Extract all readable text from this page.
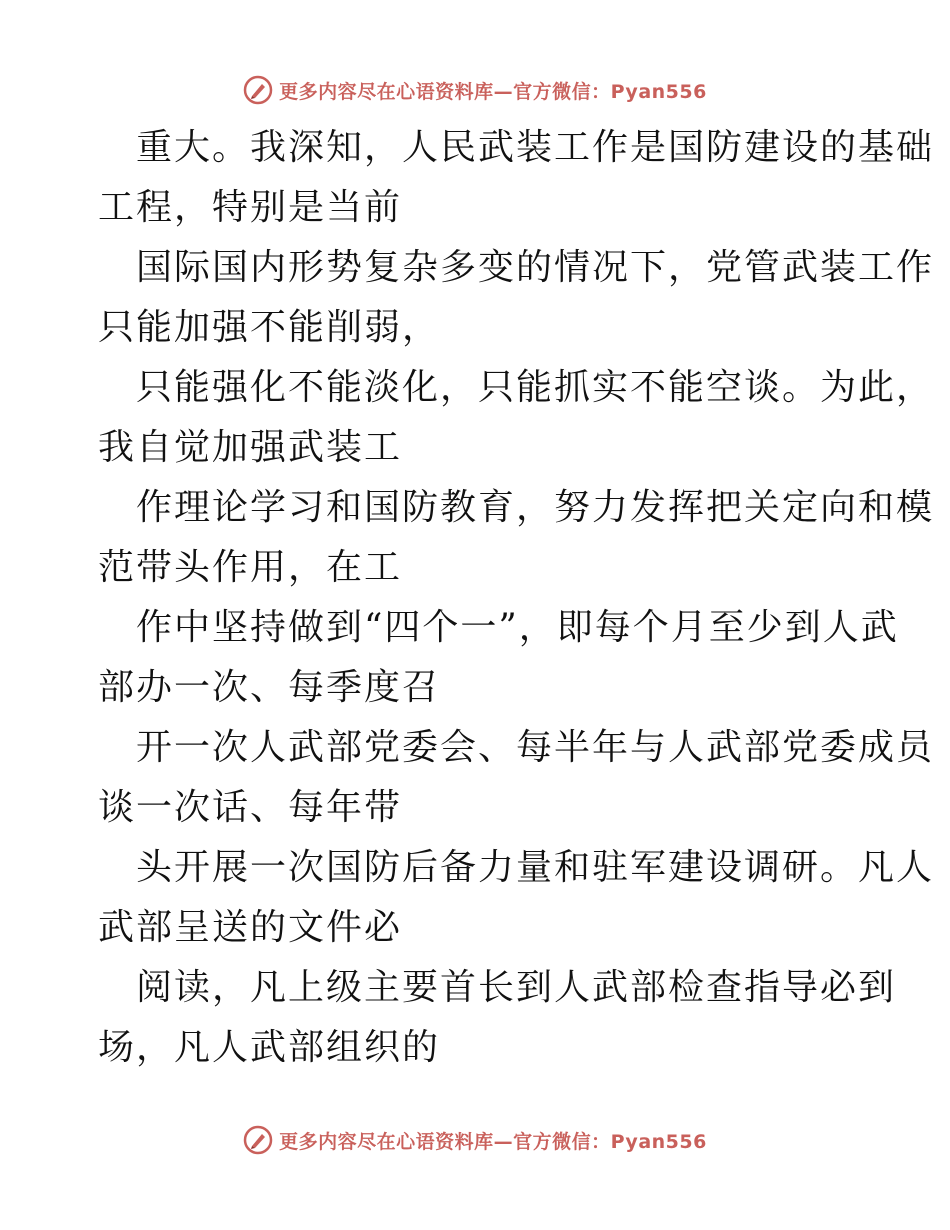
更多内容尽在心语资料库—官方微信：Pyan556

重大。我深知，人民武装工作是国防建设的基础
工程，特别是当前

国际国内形势复杂多变的情况下，党管武装工作
只能加强不能削弱，

只能强化不能淡化，只能抓实不能空谈。为此，
我自觉加强武装工

作理论学习和国防教育，努力发挥把关定向和模
范带头作用，在工

作中坚持做到“四个一”，即每个月至少到人武
部办一次、每季度召

开一次人武部党委会、每半年与人武部党委成员
谈一次话、每年带

头开展一次国防后备力量和驻军建设调研。凡人
武部呈送的文件必

阅读，凡上级主要首长到人武部检查指导必到
场，凡人武部组织的

更多内容尽在心语资料库—官方微信：Pyan556
